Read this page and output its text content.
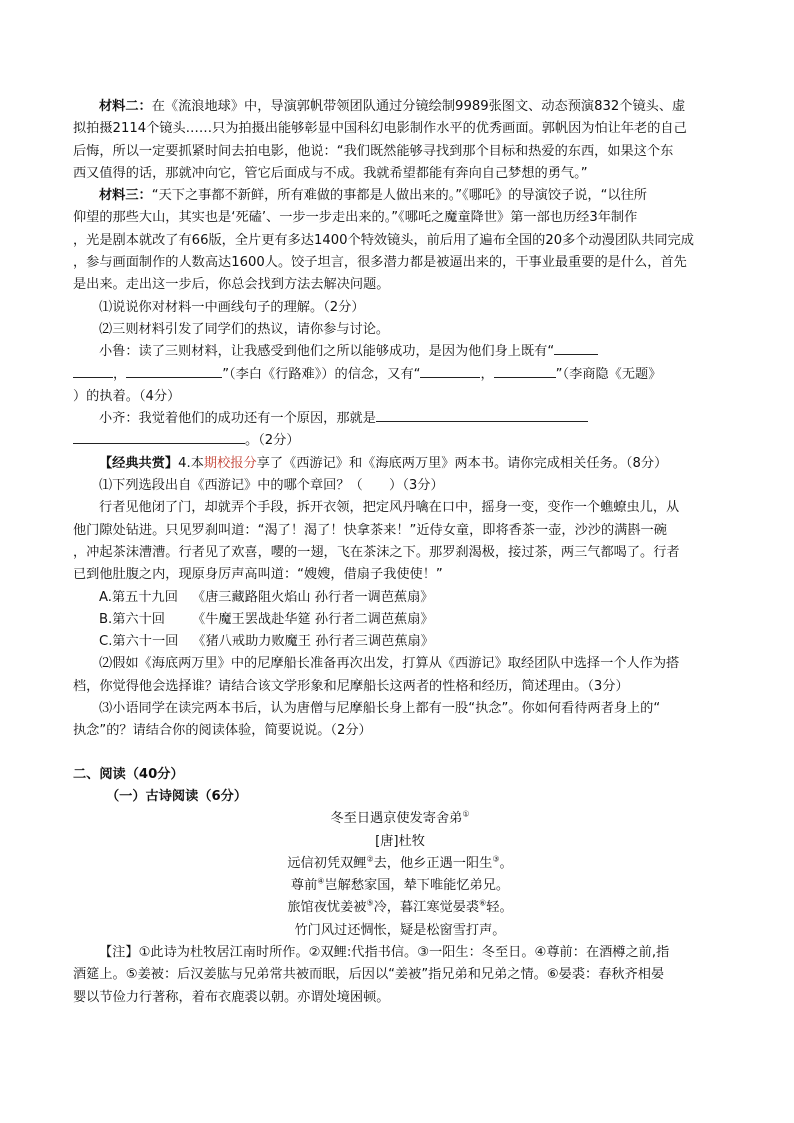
材料二：在《流浪地球》中，导演郭帆带领团队通过分镜绘制9989张图文、动态预演832个镜头、虚

拟拍摄2114个镜头……只为拍摄出能够彰显中国科幻电影制作水平的优秀画面。郭帆因为怕让年老的自己

后悔，所以一定要抓紧时间去拍电影，他说：“我们既然能够寻找到那个目标和热爱的东西，如果这个东

西又值得的话，那就冲向它，管它后面成与不成。我就希望都能有奔向自己梦想的勇气。”

材料三：“天下之事都不新鲜，所有难做的事都是人做出来的。”《哪吒》的导演饺子说，“以往所

仰望的那些大山，其实也是‘死磕’、一步一步走出来的。”《哪吒之魔童降世》第一部也历经3年制作

，光是剧本就改了有66版，全片更有多达1400个特效镜头，前后用了遍布全国的20多个动漫团队共同完成

，参与画面制作的人数高达1600人。饺子坦言，很多潜力都是被逼出来的，干事业最重要的是什么，首先

是出来。走出这一步后，你总会找到方法去解决问题。

⑴说说你对材料一中画线句子的理解。（2分）

⑵三则材料引发了同学们的热议，请你参与讨论。

小鲁：读了三则材料，让我感受到他们之所以能够成功，是因为他们身上既有“

，	”（李白《行路难》）的信念，又有“	，	”（李商隐《无题》

）的执着。（4分）

小齐：我觉着他们的成功还有一个原因，那就是

。（2分）

【经典共赏】4.本期校报分享了《西游记》和《海底两万里》两本书。请你完成相关任务。（8分）

⑴下列选段出自《西游记》中的哪个章回？（　　）（3分）

行者见他闭了门，却就弄个手段，拆开衣领，把定风丹噙在口中，摇身一变，变作一个蟭蟟虫儿，从

他门隙处钻进。只见罗刹叫道：“渴了！渴了！快拿茶来！”近侍女童，即将香茶一壶，沙沙的满斟一碗

，冲起茶沫漕漕。行者见了欢喜，嘤的一翅，飞在茶沫之下。那罗刹渴极，接过茶，两三气都喝了。行者

已到他肚腹之内，现原身厉声高叫道：“嫂嫂，借扇子我使使！”

A.第五十九回 《唐三藏路阻火焰山 孙行者一调芭蕉扇》

B.第六十回 《牛魔王罢战赴华筵 孙行者二调芭蕉扇》

C.第六十一回 《猪八戒助力败魔王 孙行者三调芭蕉扇》

⑵假如《海底两万里》中的尼摩船长准备再次出发，打算从《西游记》取经团队中选择一个人作为搭

档，你觉得他会选择谁？请结合该文学形象和尼摩船长这两者的性格和经历，简述理由。（3分）

⑶小语同学在读完两本书后，认为唐僧与尼摩船长身上都有一股“执念”。你如何看待两者身上的“

执念”的？请结合你的阅读体验，简要说说。（2分）

二、阅读（40分）

（一）古诗阅读（6分）

冬至日遇京使发寄舍弟①

[唐]杜牧

远信初凭双鲤②去，他乡正遇一阳生③。

尊前④岂解愁家国，辇下唯能忆弟兄。

旅馆夜忧姜被⑤冷，暮江寒觉晏裘⑥轻。

竹门风过还惆怅，疑是松窗雪打声。

【注】①此诗为杜牧居江南时所作。②双鲤:代指书信。③一阳生：冬至日。④尊前：在酒樽之前,指

酒筵上。⑤姜被：后汉姜肱与兄弟常共被而眠，后因以“姜被”指兄弟和兄弟之情。⑥晏裘：春秋齐相晏

婴以节俭力行著称，着布衣鹿裘以朝。亦谓处境困顿。
